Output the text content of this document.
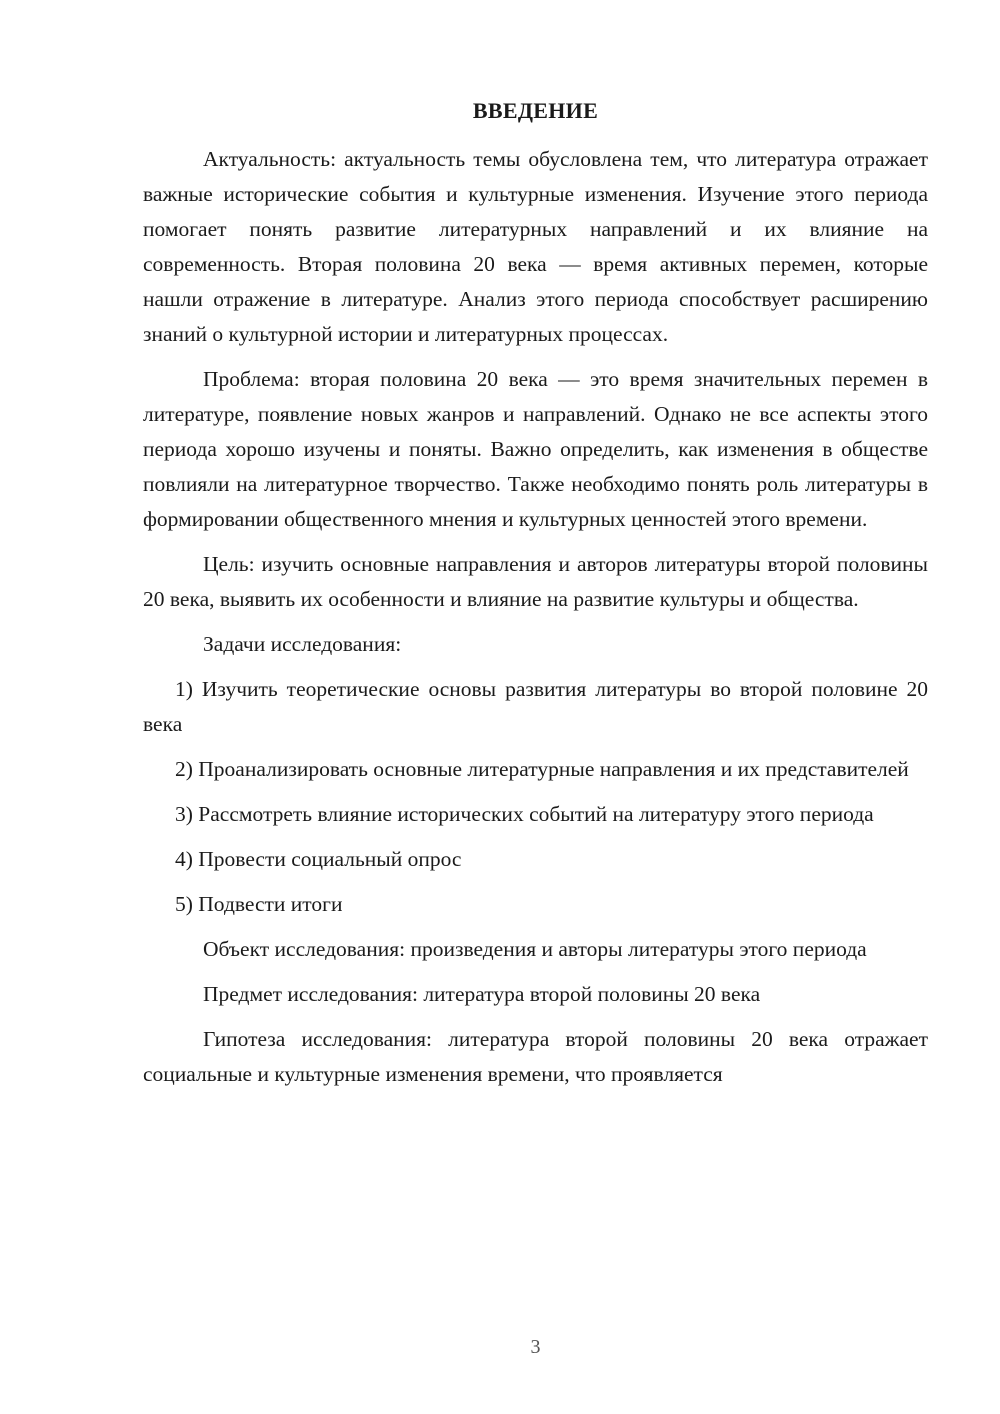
ВВЕДЕНИЕ

Актуальность: актуальность темы обусловлена тем, что литература отражает важные исторические события и культурные изменения. Изучение этого периода помогает понять развитие литературных направлений и их влияние на современность. Вторая половина 20 века — время активных перемен, которые нашли отражение в литературе. Анализ этого периода способствует расширению знаний о культурной истории и литературных процессах.

Проблема: вторая половина 20 века — это время значительных перемен в литературе, появление новых жанров и направлений. Однако не все аспекты этого периода хорошо изучены и поняты. Важно определить, как изменения в обществе повлияли на литературное творчество. Также необходимо понять роль литературы в формировании общественного мнения и культурных ценностей этого времени.

Цель: изучить основные направления и авторов литературы второй половины 20 века, выявить их особенности и влияние на развитие культуры и общества.

Задачи исследования:

1) Изучить теоретические основы развития литературы во второй половине 20 века

2) Проанализировать основные литературные направления и их представителей

3) Рассмотреть влияние исторических событий на литературу этого периода

4) Провести социальный опрос

5) Подвести итоги

Объект исследования: произведения и авторы литературы этого периода

Предмет исследования: литература второй половины 20 века

Гипотеза исследования: литература второй половины 20 века отражает социальные и культурные изменения времени, что проявляется

3
